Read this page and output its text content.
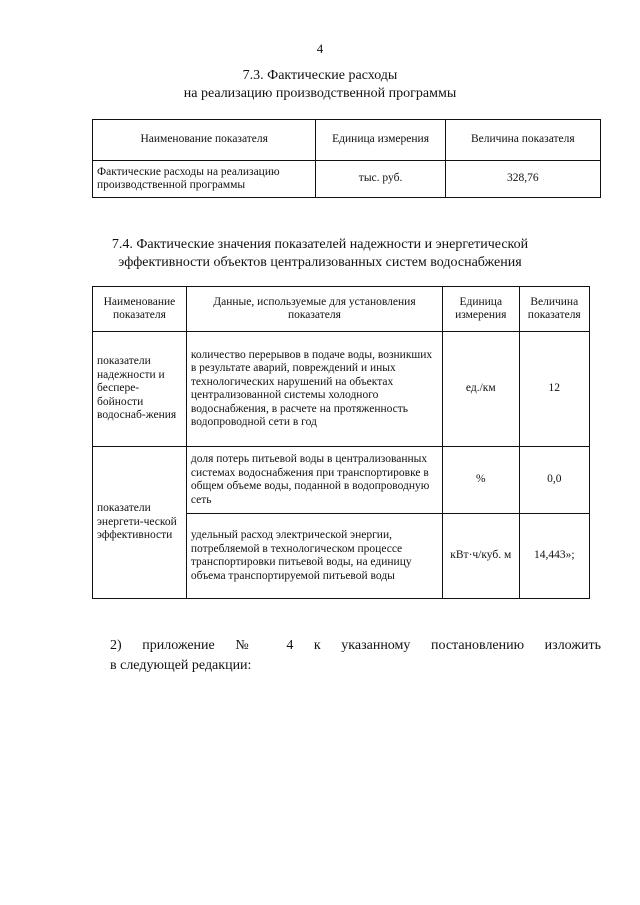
4
7.3. Фактические расходы
на реализацию производственной программы
Наименование показателя	Единица измерения	Величина показателя
Фактические расходы на реализацию производственной программы	тыс. руб.	328,76
7.4. Фактические значения показателей надежности и энергетической
эффективности объектов централизованных систем водоснабжения
Наименование показателя	Данные, используемые для установления показателя	Единица измерения	Величина показателя
показатели надежности и беспере-бойности водоснаб-жения	количество перерывов в подаче воды, возникших в результате аварий, повреждений и иных технологических нарушений на объектах централизованной системы холодного водоснабжения, в расчете на протяженность водопроводной сети в год	ед./км	12
показатели энергети-ческой эффективности	доля потерь питьевой воды в централизованных системах водоснабжения при транспортировке в общем объеме воды, поданной в водопроводную сеть	%	0,0
	удельный расход электрической энергии, потребляемой в технологическом процессе транспортировки питьевой воды, на единицу объема транспортируемой питьевой воды	кВт·ч/куб. м	14,443»;
2) приложение № 4 к указанному постановлению изложить
в следующей редакции:
